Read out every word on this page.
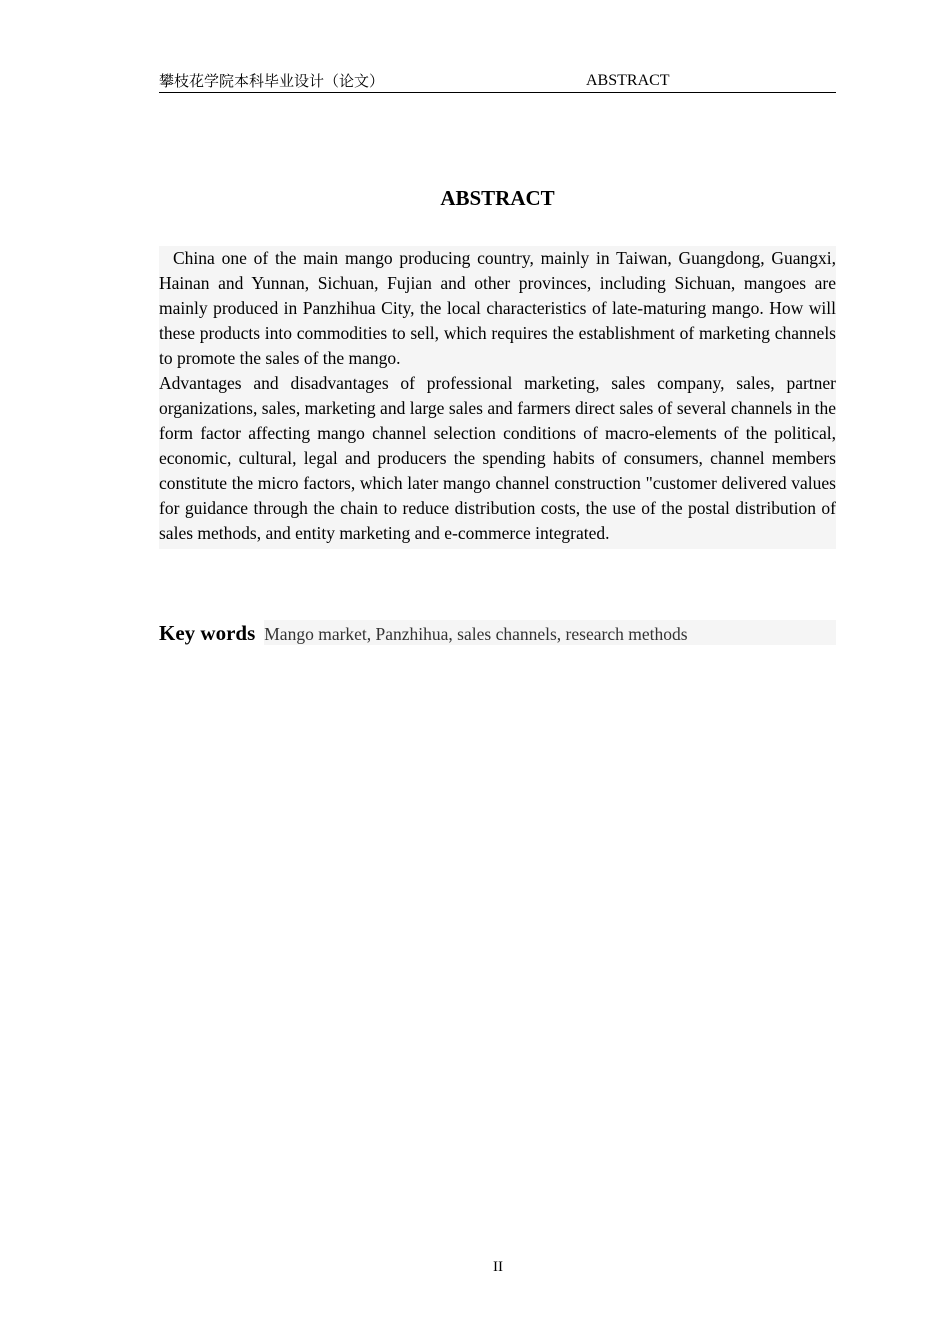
攀枝花学院本科毕业设计（论文）	ABSTRACT
ABSTRACT

China one of the main mango producing country, mainly in Taiwan, Guangdong, Guangxi, Hainan and Yunnan, Sichuan, Fujian and other provinces, including Sichuan, mangoes are mainly produced in Panzhihua City, the local characteristics of late-maturing mango. How will these products into commodities to sell, which requires the establishment of marketing channels to promote the sales of the mango.

Advantages and disadvantages of professional marketing, sales company, sales, partner organizations, sales, marketing and large sales and farmers direct sales of several channels in the form factor affecting mango channel selection conditions of macro-elements of the political, economic, cultural, legal and producers the spending habits of consumers, channel members constitute the micro factors, which later mango channel construction "customer delivered values for guidance through the chain to reduce distribution costs, the use of the postal distribution of sales methods, and entity marketing and e-commerce integrated.

Key words Mango market, Panzhihua, sales channels, research methods
II
